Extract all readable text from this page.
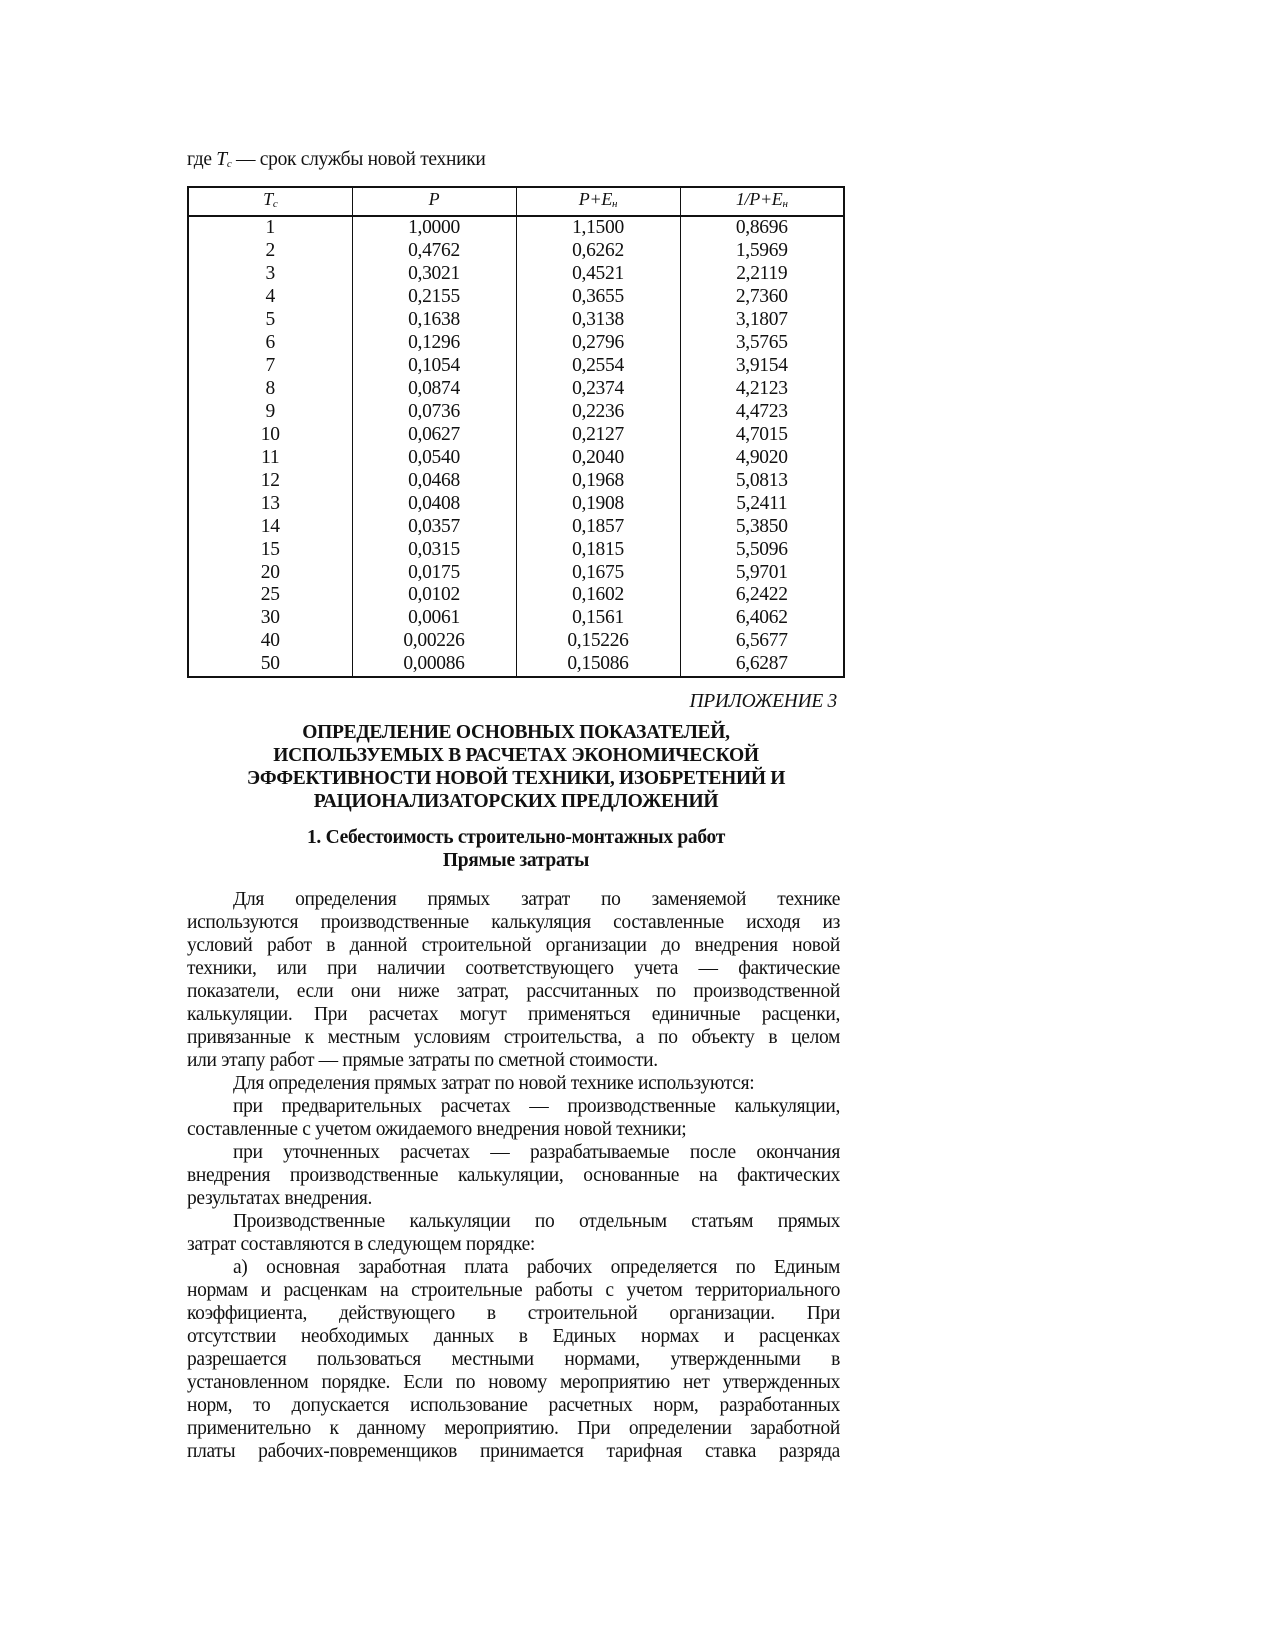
где $T_с$ — срок службы новой техники
$T_с$	P	$P+E_н$	$1/P+E_н$
1	1,0000	1,1500	0,8696
2	0,4762	0,6262	1,5969
3	0,3021	0,4521	2,2119
4	0,2155	0,3655	2,7360
5	0,1638	0,3138	3,1807
6	0,1296	0,2796	3,5765
7	0,1054	0,2554	3,9154
8	0,0874	0,2374	4,2123
9	0,0736	0,2236	4,4723
10	0,0627	0,2127	4,7015
11	0,0540	0,2040	4,9020
12	0,0468	0,1968	5,0813
13	0,0408	0,1908	5,2411
14	0,0357	0,1857	5,3850
15	0,0315	0,1815	5,5096
20	0,0175	0,1675	5,9701
25	0,0102	0,1602	6,2422
30	0,0061	0,1561	6,4062
40	0,00226	0,15226	6,5677
50	0,00086	0,15086	6,6287
ПРИЛОЖЕНИЕ 3
ОПРЕДЕЛЕНИЕ ОСНОВНЫХ ПОКАЗАТЕЛЕЙ,
ИСПОЛЬЗУЕМЫХ В РАСЧЕТАХ ЭКОНОМИЧЕСКОЙ
ЭФФЕКТИВНОСТИ НОВОЙ ТЕХНИКИ, ИЗОБРЕТЕНИЙ И
РАЦИОНАЛИЗАТОРСКИХ ПРЕДЛОЖЕНИЙ
1. Себестоимость строительно-монтажных работ
Прямые затраты
Для определения прямых затрат по заменяемой технике
используются производственные калькуляция составленные исходя из
условий работ в данной строительной организации до внедрения новой
техники, или при наличии соответствующего учета — фактические
показатели, если они ниже затрат, рассчитанных по производственной
калькуляции. При расчетах могут применяться единичные расценки,
привязанные к местным условиям строительства, а по объекту в целом
или этапу работ — прямые затраты по сметной стоимости.
Для определения прямых затрат по новой технике используются:
при предварительных расчетах — производственные калькуляции,
составленные с учетом ожидаемого внедрения новой техники;
при уточненных расчетах — разрабатываемые после окончания
внедрения производственные калькуляции, основанные на фактических
результатах внедрения.
Производственные калькуляции по отдельным статьям прямых
затрат составляются в следующем порядке:
а) основная заработная плата рабочих определяется по Единым
нормам и расценкам на строительные работы с учетом территориального
коэффициента, действующего в строительной организации. При
отсутствии необходимых данных в Единых нормах и расценках
разрешается пользоваться местными нормами, утвержденными в
установленном порядке. Если по новому мероприятию нет утвержденных
норм, то допускается использование расчетных норм, разработанных
применительно к данному мероприятию. При определении заработной
платы рабочих-повременщиков принимается тарифная ставка разряда
